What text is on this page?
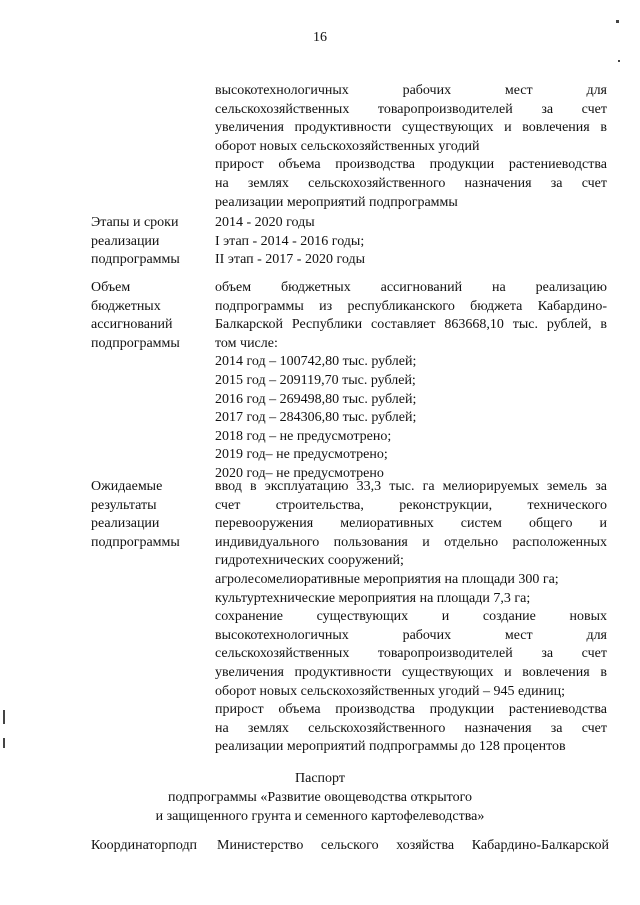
16
высокотехнологичных рабочих мест для
сельскохозяйственных товаропроизводителей за счет
увеличения продуктивности существующих и вовлечения в
оборот новых сельскохозяйственных угодий
прирост объема производства продукции растениеводства
на землях сельскохозяйственного назначения за счет
реализации мероприятий подпрограммы
Этапы и сроки
реализации
подпрограммы
2014 - 2020 годы
I этап - 2014 - 2016 годы;
II этап - 2017 - 2020 годы
Объем
бюджетных
ассигнований
подпрограммы
объем бюджетных ассигнований на реализацию
подпрограммы из республиканского бюджета Кабардино-
Балкарской Республики составляет 863668,10 тыс. рублей, в
том числе:
2014 год – 100742,80 тыс. рублей;
2015 год – 209119,70 тыс. рублей;
2016 год – 269498,80 тыс. рублей;
2017 год – 284306,80 тыс. рублей;
2018 год – не предусмотрено;
2019 год– не предусмотрено;
2020 год– не предусмотрено
Ожидаемые
результаты
реализации
подпрограммы
ввод в эксплуатацию 33,3 тыс. га мелиорируемых земель за
счет строительства, реконструкции, технического
перевооружения мелиоративных систем общего и
индивидуального пользования и отдельно расположенных
гидротехнических сооружений;
агролесомелиоративные мероприятия на площади 300 га;
культуртехнические мероприятия на площади 7,3 га;
сохранение существующих и создание новых
высокотехнологичных рабочих мест для
сельскохозяйственных товаропроизводителей за счет
увеличения продуктивности существующих и вовлечения в
оборот новых сельскохозяйственных угодий – 945 единиц;
прирост объема производства продукции растениеводства
на землях сельскохозяйственного назначения за счет
реализации мероприятий подпрограммы до 128 процентов
Паспорт
подпрограммы «Развитие овощеводства открытого
и защищенного грунта и семенного картофелеводства»
Координаторподп Министерство сельского хозяйства Кабардино-Балкарской
